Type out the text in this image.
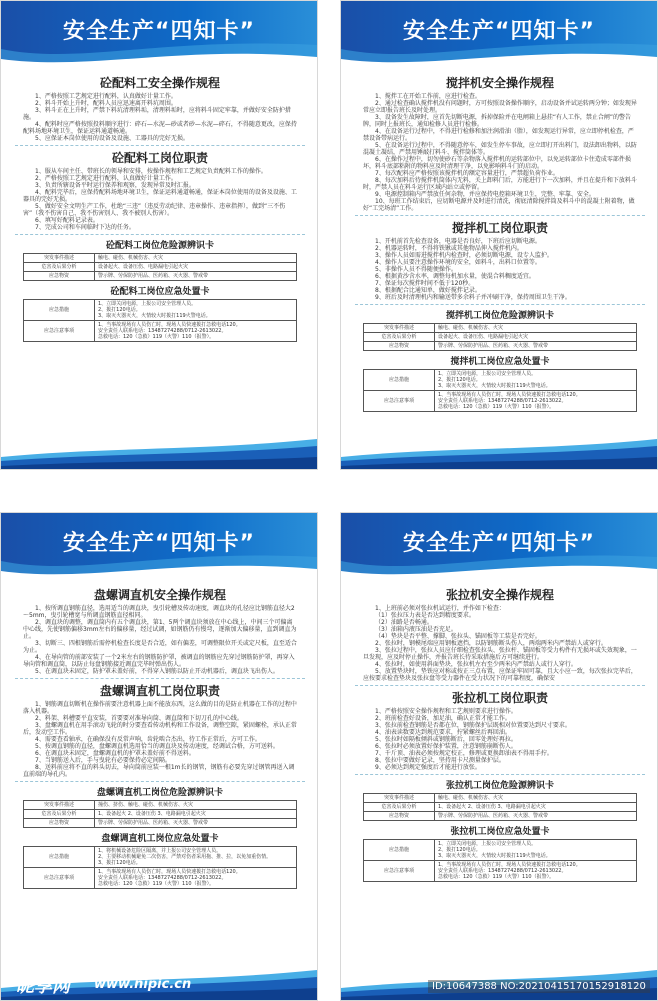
安全生产“四知卡”
砼配料工安全操作规程
1、严格按照工艺规定进行配料，认真做好计量工作。
2、料斗开始上升时，配料人员应迅速离开料坑周围。
3、料斗正在上升时，严禁下料坑清理料垢，清理料垢时，应将料斗固定牢靠，并做好安全防护措施。
4、配料时应严格按照投料顺序进行：碎石—水泥—砂或者砂—水泥—碎石，不得随意更改，应保持配料场地环境卫生，保证运料通道畅通。
5、应保证本岗位使用的设备及设施、工器具的完好无损。
砼配料工岗位职责
1、服从车间主任、带班长的领导和安排，按操作规程和工艺规定负责配料工作的操作。
2、严格按照工艺规定进行配料，认真做好计量工作。
3、负责所辖设备平时运行保养和观察，发现异常及时汇报。
4、配料完毕后，应保持配料场地环境卫生，保证运料通道畅通，保证本岗位使用的设备及设施、工器具的完好无损。
5、做好安全文明生产工作，杜绝“三违”（违反劳动纪律、违章操作、违章指挥），做到“三不伤害”（我不伤害自己、我不伤害别人、我不被别人伤害）。
6、填写好配料记录表。
7、完成公司和车间临时下达的任务。
砼配料工岗位危险源辨识卡
突发事件描述	触电、碰伤、机械伤害、火灾
危害及后果分析	设备起火、设备压伤、电路漏电引起火灾
应急物资	警示牌、劳保防护用品、医药箱、灭火器、警戒带
砼配料工岗位应急处置卡
应急措施	1、立即关闭电源，上报公司安全管理人员。
2、拨打120电话。
3、取灭火器灭火，火情较大时拨打119火警电话。
应急注意事项	1、当事故现场有人员伤亡时，现场人员快速拨打急救电话120。
安全责任人联系电话：13487274288/0712-2613022。
急救电话：120（急救）119（火警）110（报警）。
安全生产“四知卡”
搅拌机安全操作规程
1、搅拌工在开始工作前，应进行检查。
2、通过检查确认搅拌机没有问题时，方可按照设备操作顺序，启动设备并试运转两分钟；如发现异常应立即报告班长及时处理。
3、设备发生故障时，应首先切断电源，拆掉保险并在电闸箱上悬挂“有人工作，禁止合闸”的警告牌，同时上报班长，通知检修人员进行检修。
4、在设备运行过程中，不得进行检修和加注润滑油（脂），如发现运行异常，应立即停机检查，严禁设备带病运行。
5、在设备运行过程中，不得随意停车，如发生停车事故，应立即打开出料门，设法卸出物料，以防混凝土凝结，严禁用锤敲打料斗、搅拌筒体等。
6、在操作过程中，切勿使砂石等杂物落入搅拌机的运转部位中，以免运转部位卡住造成零部件损坏，料斗底部粘附的物料应及时清理干净，以免影响料斗门的启动。
7、每次配料应严格按照该搅拌机的额定容量进行，严禁超负荷作业。
8、每次加料后待搅拌机筒体内无料，关上卸料门后，方能进行下一次加料，并且在提升和下放料斗时，严禁人员在料斗运行区域内站立或停留。
9、电源控制箱内严禁放任何杂物，并应保持电控箱环境卫生，完整、牢靠、安全。
10、每班工作结束后，应切断电源并及时进行清洗，彻底清除搅拌筒及料斗中的混凝土附着物，做好“工完场清”工作。
搅拌机工岗位职责
1、开机前首先检查设备，电器是否良好，下班后应切断电源。
2、机器运转时，不得将铁锹或其他物品伸入搅拌机内。
3、操作人员如需进搅拌机内检查时，必须切断电源，设专人监护。
4、操作人员要注意操作环境的安全，如料斗，出料口位置等。
5、非操作人员不得随便操作。
6、根据黄沙含水率，调整每机加水量，使混合料稠度适宜。
7、保证每次搅拌时间不低于120秒。
8、根据配合比通知单，做好搅拌记录。
9、班后及时清理机内和输送带多余料子并冲刷干净，保持周围卫生干净。
搅拌机工岗位危险源辨识卡
突发事件描述	触电、碰伤、机械伤害、火灾
危害及后果分析	设备起火、设备压伤、电路漏电引起火灾
应急物资	警示牌、劳保防护用品、医药箱、灭火器、警戒带
搅拌机工岗位应急处置卡
应急措施	1、立即关闭电源，上报公司安全管理人员。
2、拨打120电话。
3、取灭火器灭火，火情较大时拨打119火警电话。
应急注意事项	1、当事故现场有人员伤亡时，现场人员快速拨打急救电话120。
安全责任人联系电话：13487274288/0712-2613022。
急救电话：120（急救）119（火警）110（报警）。
安全生产“四知卡”
盘螺调直机安全操作规程
1、按所调直钢筋直径，选用适当的调直块，曳引轮槽及传动速度，调直块的孔径应比钢筋直径大2～5mm，曳引轮槽宽与所调直钢筋直径相同。
2、调直块的调整，调直筒内有五个调直块，第1、5两个调直块须放在中心线上，中间三个可偏离中心线，先使钢筋偏移3mm左右的偏移量，经过试调，如钢筋仍有慢弯，逐渐加大偏移量，直到调直为止。
3、切断三、四根钢筋后需停机检查长度是否合适，如有偏差，可调整限位开关或定尺板，直至适合为止。
4、在导向管的前部安装了一个2米左右的钢筋防护罩，被调直的钢筋应先穿过钢筋防护罩，再穿入导向管和调直筒，以防止每盘钢筋接近调直完毕时弹出伤人。
5、在调直块未固定，防护罩未盖好前，不得穿入钢筋以防止开动机器后，调直块飞出伤人。
盘螺调直机工岗位职责
1、钢筋调直切断机在操作前要注意机器上面不能放东西，这么做的目的是防止机器在工作的过程中落入机器。
2、料架、料槽要平直安装，首要要对准导向筒、调直筒和下切刀孔的中心线。
3、盘螺调直机在用手滚动飞轮的时分要查看传动机构和工作设备，调整空隙，紧固螺栓，承认正常后，发动空工作。
4、需要查看轴承，在确保没有反常声响，齿轮啮合杰出，待工作正常后，方可工作。
5、按调直钢筋的直径，盘螺调直机选用恰当的调直块及传动速度，经调试合格，方可送料。
6、在调直块未固定，盘螺调直机的护罩未盖好前不得送料。
7、当钢筋送入后，手与曳轮有必要保持必定间隔。
8、送料前应将不直的料头切去，导向筒前应装一根1m长的钢管，钢筋有必要先穿过钢管再送入调直前端的导孔内。
盘螺调直机工岗位危险源辨识卡
突发事件描述	撞伤、挤伤、触电、碰伤、机械伤害、火灾
危害及后果分析	1、设备起火 2、设备压伤 3、电路漏电引起火灾
应急物资	警示牌、劳保防护用品、医药箱、灭火器、警戒带
盘螺调直机工岗位应急处置卡
应急措施	1、将机械设备危险区隔离，并上报公司安全管理人员。
2、主要移动机械避免二次伤害，严禁对伤者采用拖、推、拉，以免加重伤情。
3、拨打120电话。
应急注意事项	1、当事故现场有人员伤亡时，现场人员快速拨打急救电话120。
安全责任人联系电话：13487274288/0712-2613022。
急救电话：120（急救）119（火警）110（报警）。
安全生产“四知卡”
张拉机安全操作规程
1、上班前必须对张拉机试运行，并作如下检查：
（1）张拉压力表是否达到精度要求。
（2）油路是否畅通。
（3）油箱内液压油是否充足。
（4）垫块是否平整、撑脚、张拉头、锚固板等工装是否完好。
2、张拉时，钢模尾端应用钢板遮挡，以防钢筋断头伤人，两端两米内严禁站人或穿行。
3、张拉过程中，张拉人员应仔细检查张拉头、张拉杆、锚固板等受力构件有无损坏或失效现象，一旦发现，应及时停止操作，并报告班长待采取措施后方可继续进行。
4、张拉时，如使用斜面垫块，张拉机左右至少两米内严禁站人或行人穿行。
5、放置垫块时，垫铁应对称或按正三点布置，应保证牢固可靠，且大小应一致，每次张拉完毕后，应按要求检查垫块及张拉盘等受力器件在受力状况下的可靠程度，确保安
张拉机工岗位职责
1、严格按照安全操作规程和工艺规则要求进行操作。
2、班前检查好设备，加足油，确认正常才能工作。
3、张拉前检查钢筋是否都在位，钢筋保护层既相对位置要达到尺寸要求。
4、油表读数要达到规范要求，拧紧螺丝后再回油。
5、张拉时如隔板倾斜或钢筋断后，回零处理好再拉。
6、张拉时必须放置好保护装置，注意钢筋崩断伤人。
7、千斤顶、油表必须按规定校正，修理或更换卸油表不得用手拧。
8、张拉中要做好记录，坚持用卡尺测量保护层。
9、必须达到规定强度后才能进行放张。
张拉机工岗位危险源辨识卡
突发事件描述	触电、碰伤、机械伤害、火灾
危害及后果分析	1、设备起火 2、设备压伤 3、电路漏电引起火灾
应急物资	警示牌、劳保防护用品、医药箱、灭火器、警戒带
张拉机工岗位应急处置卡
应急措施	1、立即关闭电源，上报公司安全管理人员。
2、拨打120电话。
3、取灭火器灭火，火情较大时拨打119火警电话。
应急注意事项	1、当事故现场有人员伤亡时，现场人员快速拨打急救电话120。
安全责任人联系电话：13487274288/0712-2613022。
急救电话：120（急救）119（火警）110（报警）。
昵享网 www.nipic.cn	ID:10647388 NO:20210415170152918120
